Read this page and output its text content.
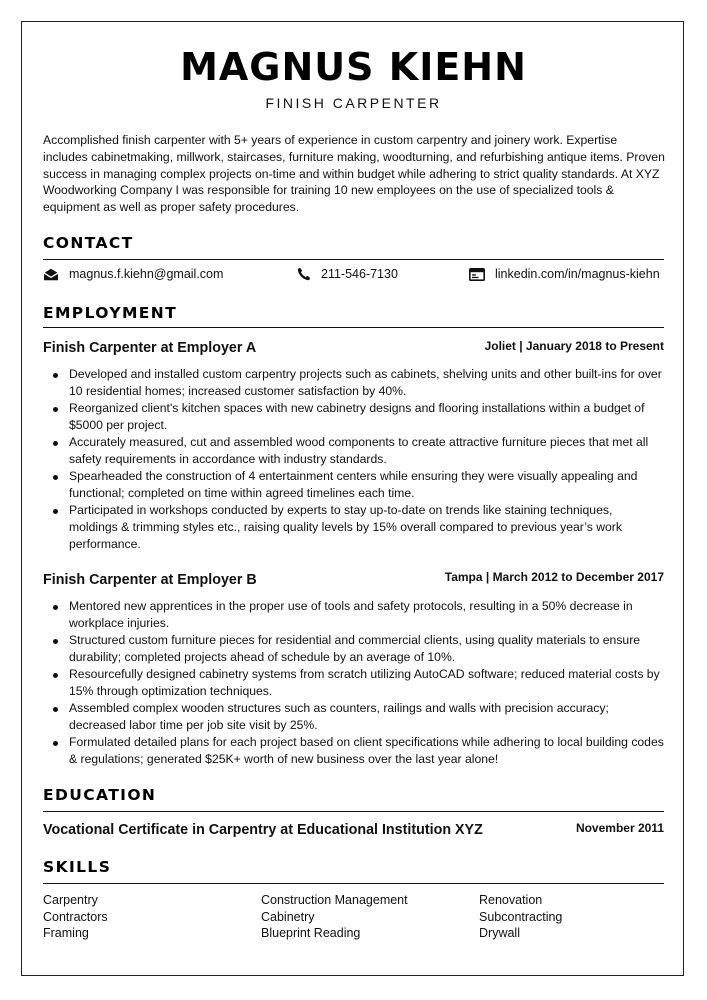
MAGNUS KIEHN
FINISH CARPENTER
Accomplished finish carpenter with 5+ years of experience in custom carpentry and joinery work. Expertise includes cabinetmaking, millwork, staircases, furniture making, woodturning, and refurbishing antique items. Proven success in managing complex projects on-time and within budget while adhering to strict quality standards. At XYZ Woodworking Company I was responsible for training 10 new employees on the use of specialized tools & equipment as well as proper safety procedures.
CONTACT
magnus.f.kiehn@gmail.com	211-546-7130	linkedin.com/in/magnus-kiehn
EMPLOYMENT
Finish Carpenter at Employer A	Joliet | January 2018 to Present
Developed and installed custom carpentry projects such as cabinets, shelving units and other built-ins for over 10 residential homes; increased customer satisfaction by 40%.
Reorganized client's kitchen spaces with new cabinetry designs and flooring installations within a budget of $5000 per project.
Accurately measured, cut and assembled wood components to create attractive furniture pieces that met all safety requirements in accordance with industry standards.
Spearheaded the construction of 4 entertainment centers while ensuring they were visually appealing and functional; completed on time within agreed timelines each time.
Participated in workshops conducted by experts to stay up-to-date on trends like staining techniques, moldings & trimming styles etc., raising quality levels by 15% overall compared to previous year’s work performance.
Finish Carpenter at Employer B	Tampa | March 2012 to December 2017
Mentored new apprentices in the proper use of tools and safety protocols, resulting in a 50% decrease in workplace injuries.
Structured custom furniture pieces for residential and commercial clients, using quality materials to ensure durability; completed projects ahead of schedule by an average of 10%.
Resourcefully designed cabinetry systems from scratch utilizing AutoCAD software; reduced material costs by 15% through optimization techniques.
Assembled complex wooden structures such as counters, railings and walls with precision accuracy; decreased labor time per job site visit by 25%.
Formulated detailed plans for each project based on client specifications while adhering to local building codes & regulations; generated $25K+ worth of new business over the last year alone!
EDUCATION
Vocational Certificate in Carpentry at Educational Institution XYZ	November 2011
SKILLS
Carpentry	Construction Management	Renovation
Contractors	Cabinetry	Subcontracting
Framing	Blueprint Reading	Drywall
